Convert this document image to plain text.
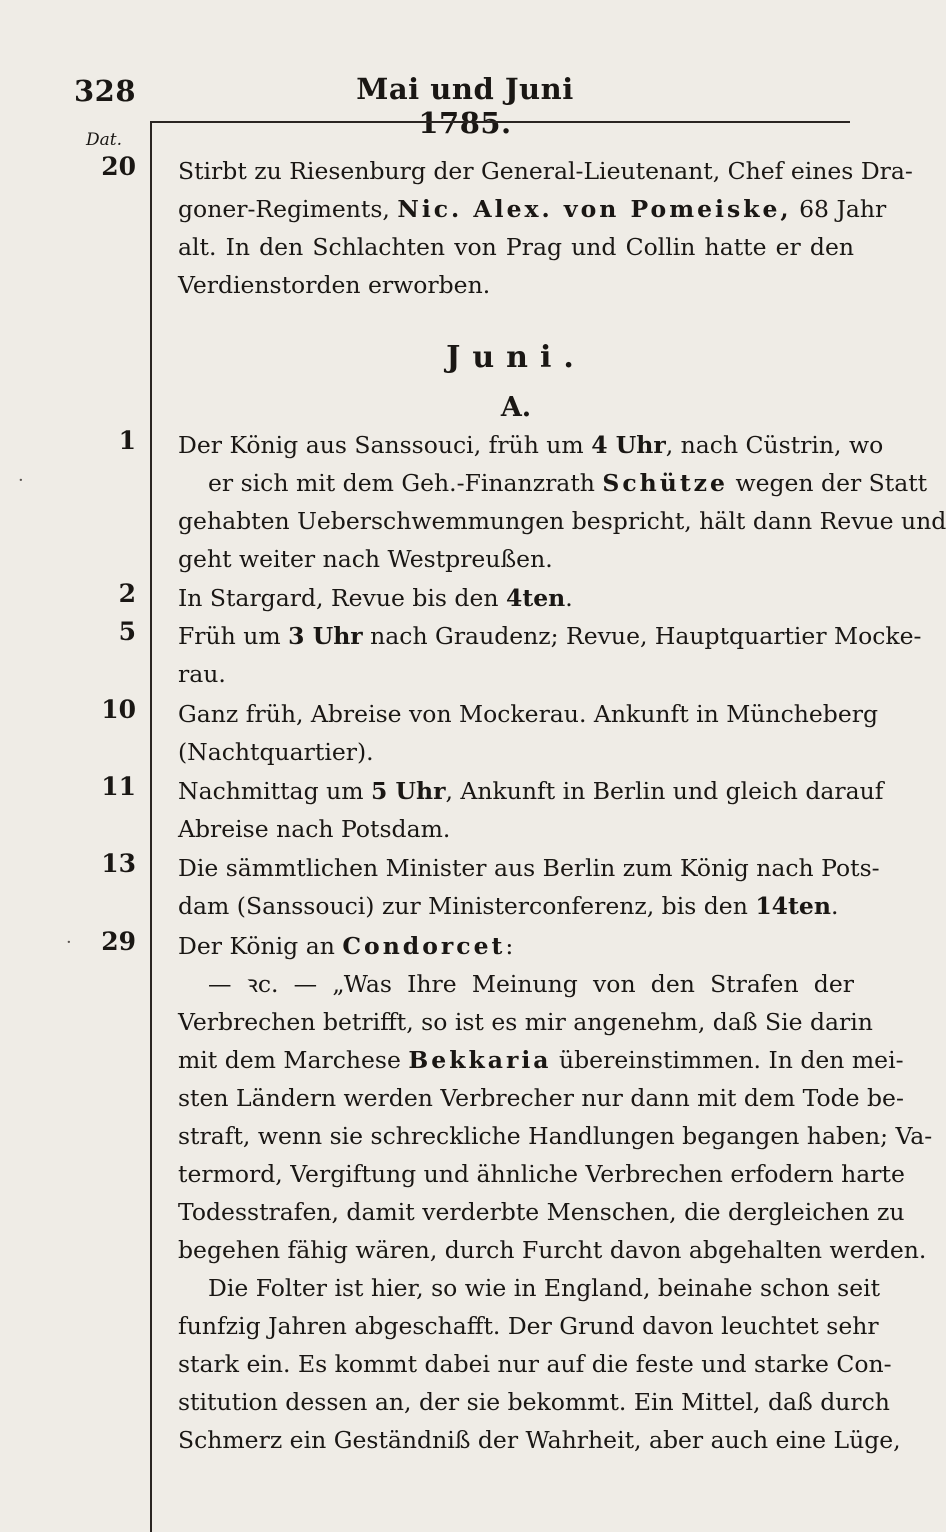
328	Mai und Juni 1785.
Dat.
20 Stirbt zu Riesenburg der General-Lieutenant, Chef eines Dra-
goner-Regiments, Nic. Alex. von Pomeiske, 68 Jahr
alt. In den Schlachten von Prag und Collin hatte er den
Verdienstorden erworben.
Juni.
A.
1 Der König aus Sanssouci, früh um 4 Uhr, nach Cüstrin, wo
er sich mit dem Geh.-Finanzrath Schütze wegen der Statt
gehabten Ueberschwemmungen bespricht, hält dann Revue und
geht weiter nach Westpreußen.
2 In Stargard, Revue bis den 4ten.
5 Früh um 3 Uhr nach Graudenz; Revue, Hauptquartier Mocke-
rau.
10 Ganz früh, Abreise von Mockerau. Ankunft in Müncheberg
(Nachtquartier).
11 Nachmittag um 5 Uhr, Ankunft in Berlin und gleich darauf
Abreise nach Potsdam.
13 Die sämmtlichen Minister aus Berlin zum König nach Pots-
dam (Sanssouci) zur Ministerconferenz, bis den 14ten.
29 Der König an Condorcet:
— ꝛc. — „Was Ihre Meinung von den Strafen der
Verbrechen betrifft, so ist es mir angenehm, daß Sie darin
mit dem Marchese Bekkaria übereinstimmen. In den mei-
sten Ländern werden Verbrecher nur dann mit dem Tode be-
straft, wenn sie schreckliche Handlungen begangen haben; Va-
termord, Vergiftung und ähnliche Verbrechen erfodern harte
Todesstrafen, damit verderbte Menschen, die dergleichen zu
begehen fähig wären, durch Furcht davon abgehalten werden.
Die Folter ist hier, so wie in England, beinahe schon seit
funfzig Jahren abgeschafft. Der Grund davon leuchtet sehr
stark ein. Es kommt dabei nur auf die feste und starke Con-
stitution dessen an, der sie bekommt. Ein Mittel, daß durch
Schmerz ein Geständniß der Wahrheit, aber auch eine Lüge,
·
·
